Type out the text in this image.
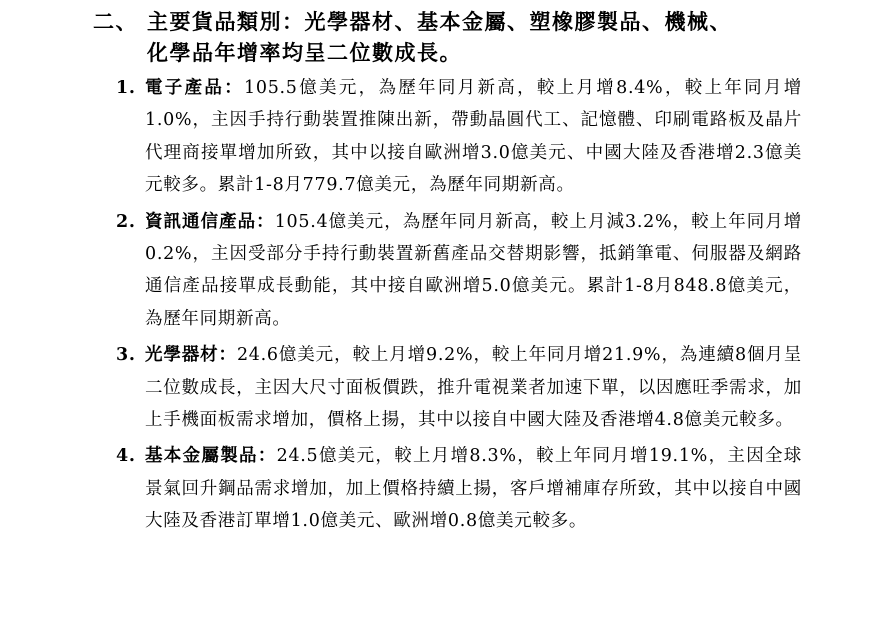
二、 主要貨品類別：光學器材、基本金屬、塑橡膠製品、機械、
化學品年增率均呈二位數成長。
1. 電子產品：105.5億美元，為歷年同月新高，較上月增8.4%，較上年同月增1.0%，主因手持行動裝置推陳出新，帶動晶圓代工、記憶體、印刷電路板及晶片代理商接單增加所致，其中以接自歐洲增3.0億美元、中國大陸及香港增2.3億美元較多。累計1-8月779.7億美元，為歷年同期新高。
2. 資訊通信產品：105.4億美元，為歷年同月新高，較上月減3.2%，較上年同月增0.2%，主因受部分手持行動裝置新舊產品交替期影響，抵銷筆電、伺服器及網路通信產品接單成長動能，其中接自歐洲增5.0億美元。累計1-8月848.8億美元，為歷年同期新高。
3. 光學器材：24.6億美元，較上月增9.2%，較上年同月增21.9%，為連續8個月呈二位數成長，主因大尺寸面板價跌，推升電視業者加速下單，以因應旺季需求，加上手機面板需求增加，價格上揚，其中以接自中國大陸及香港增4.8億美元較多。
4. 基本金屬製品：24.5億美元，較上月增8.3%，較上年同月增19.1%，主因全球景氣回升鋼品需求增加，加上價格持續上揚，客戶增補庫存所致，其中以接自中國大陸及香港訂單增1.0億美元、歐洲增0.8億美元較多。
